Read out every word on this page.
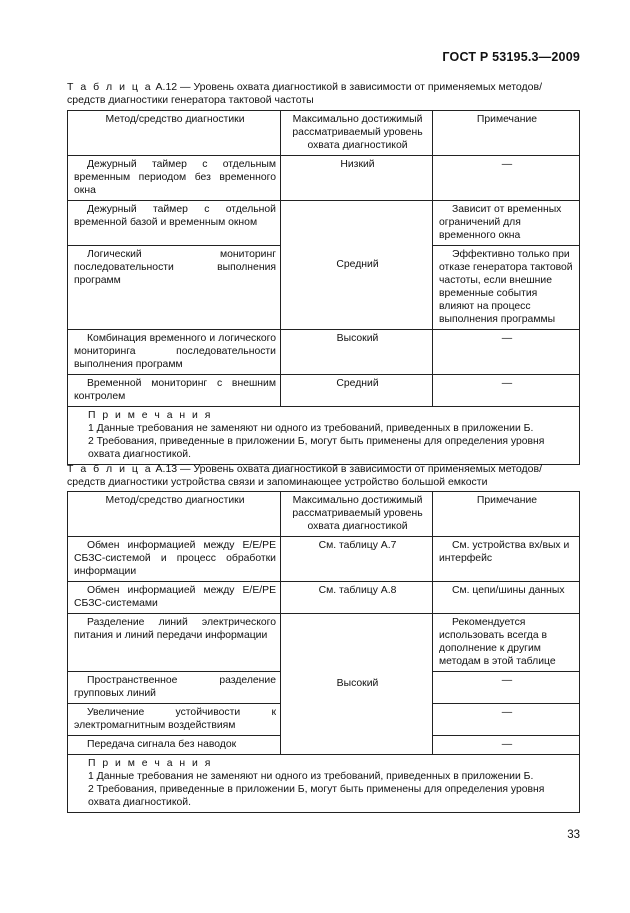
ГОСТ Р 53195.3—2009
Т а б л и ц а А.12 — Уровень охвата диагностикой в зависимости от применяемых методов/средств диагностики генератора тактовой частоты
Метод/средство диагностики	Максимально достижимый рассматриваемый уровень охвата диагностикой	Примечание
Дежурный таймер с отдельным временным периодом без временного окна	Низкий	—
Дежурный таймер с отдельной временной базой и временным окном	Средний	Зависит от временных ограничений для временного окна
Логический мониторинг последовательности выполнения программ		Эффективно только при отказе генератора тактовой частоты, если внешние временные события влияют на процесс выполнения программы
Комбинация временного и логического мониторинга последовательности выполнения программ	Высокий	—
Временной мониторинг с внешним контролем	Средний	—

П р и м е ч а н и я
1 Данные требования не заменяют ни одного из требований, приведенных в приложении Б.
2 Требования, приведенные в приложении Б, могут быть применены для определения уровня охвата диагностикой.		
Т а б л и ц а А.13 — Уровень охвата диагностикой в зависимости от применяемых методов/средств диагностики устройства связи и запоминающее устройство большой емкости
Метод/средство диагностики	Максимально достижимый рассматриваемый уровень охвата диагностикой	Примечание
Обмен информацией между Е/Е/РЕ СБЗС-системой и процесс обработки информации	См. таблицу А.7	См. устройства вх/вых и интерфейс
Обмен информацией между Е/Е/РЕ СБЗС-системами	См. таблицу А.8	См. цепи/шины данных
Разделение линий электрического питания и линий передачи информации	Высокий	Рекомендуется использовать всегда в дополнение к другим методам в этой таблице
Пространственное разделение групповых линий		—
Увеличение устойчивости к электромагнитным воздействиям		—
Передача сигнала без наводок		—

П р и м е ч а н и я
1 Данные требования не заменяют ни одного из требований, приведенных в приложении Б.
2 Требования, приведенные в приложении Б, могут быть применены для определения уровня охвата диагностикой.		
33
